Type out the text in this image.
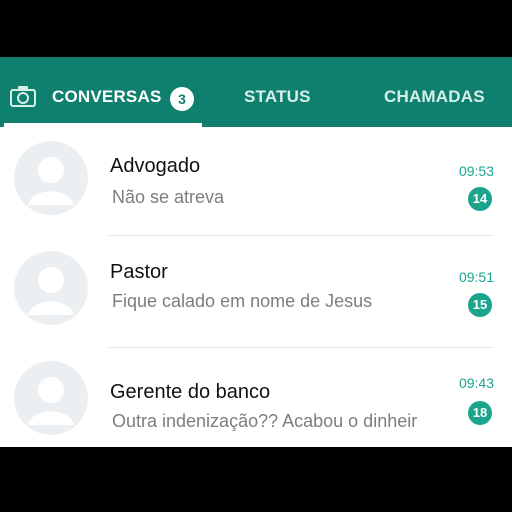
CONVERSAS	3	STATUS	CHAMADAS
Advogado
Não se atreva
09:53
14
Pastor
Fique calado em nome de Jesus
09:51
15
Gerente do banco
Outra indenização?? Acabou o dinheir
09:43
18
